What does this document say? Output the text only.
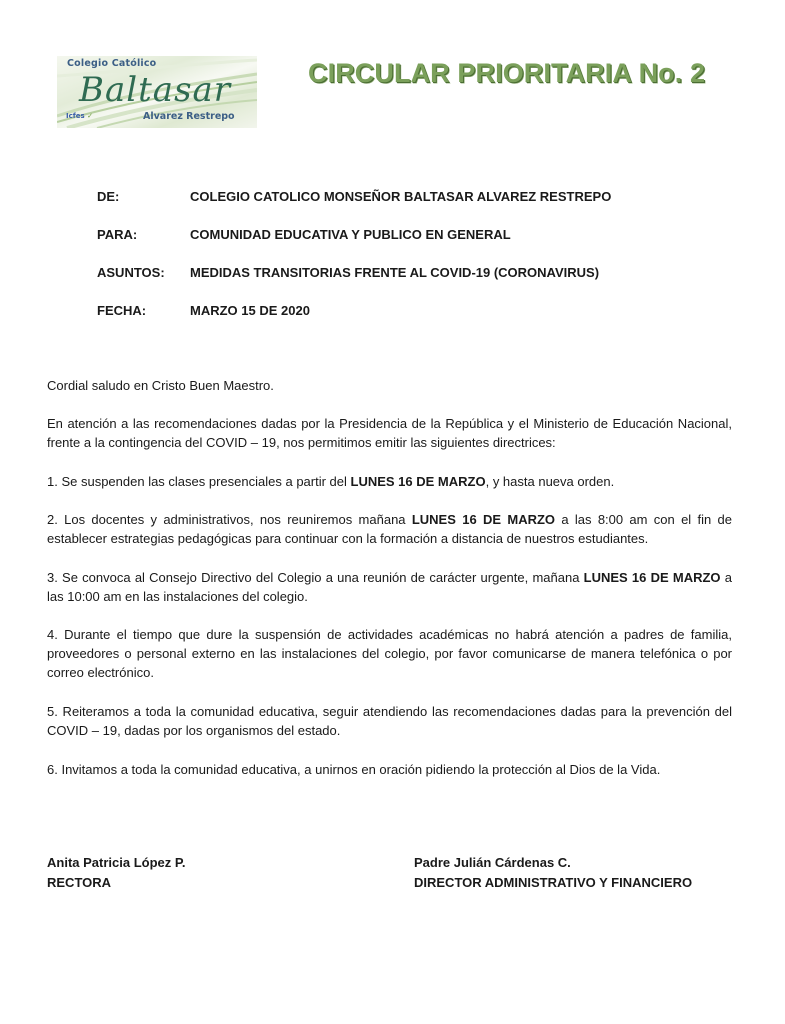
Colegio Católico
Baltasar
Icfes ✓	Alvarez Restrepo
CIRCULAR PRIORITARIA No. 2
DE:	COLEGIO CATOLICO MONSEÑOR BALTASAR ALVAREZ RESTREPO
PARA:	COMUNIDAD EDUCATIVA Y PUBLICO EN GENERAL
ASUNTOS: MEDIDAS TRANSITORIAS FRENTE AL COVID-19 (CORONAVIRUS)
FECHA:	MARZO 15 DE 2020
Cordial saludo en Cristo Buen Maestro.
En atención a las recomendaciones dadas por la Presidencia de la República y el Ministerio de Educación Nacional, frente a la contingencia del COVID – 19, nos permitimos emitir las siguientes directrices:
1. Se suspenden las clases presenciales a partir del LUNES 16 DE MARZO, y hasta nueva orden.
2. Los docentes y administrativos, nos reuniremos mañana LUNES 16 DE MARZO a las 8:00 am con el fin de establecer estrategias pedagógicas para continuar con la formación a distancia de nuestros estudiantes.
3. Se convoca al Consejo Directivo del Colegio a una reunión de carácter urgente, mañana LUNES 16 DE MARZO a las 10:00 am en las instalaciones del colegio.
4. Durante el tiempo que dure la suspensión de actividades académicas no habrá atención a padres de familia, proveedores o personal externo en las instalaciones del colegio, por favor comunicarse de manera telefónica o por correo electrónico.
5. Reiteramos a toda la comunidad educativa, seguir atendiendo las recomendaciones dadas para la prevención del COVID – 19, dadas por los organismos del estado.
6. Invitamos a toda la comunidad educativa, a unirnos en oración pidiendo la protección al Dios de la Vida.
Anita Patricia López P.
RECTORA
Padre Julián Cárdenas C.
DIRECTOR ADMINISTRATIVO Y FINANCIERO
